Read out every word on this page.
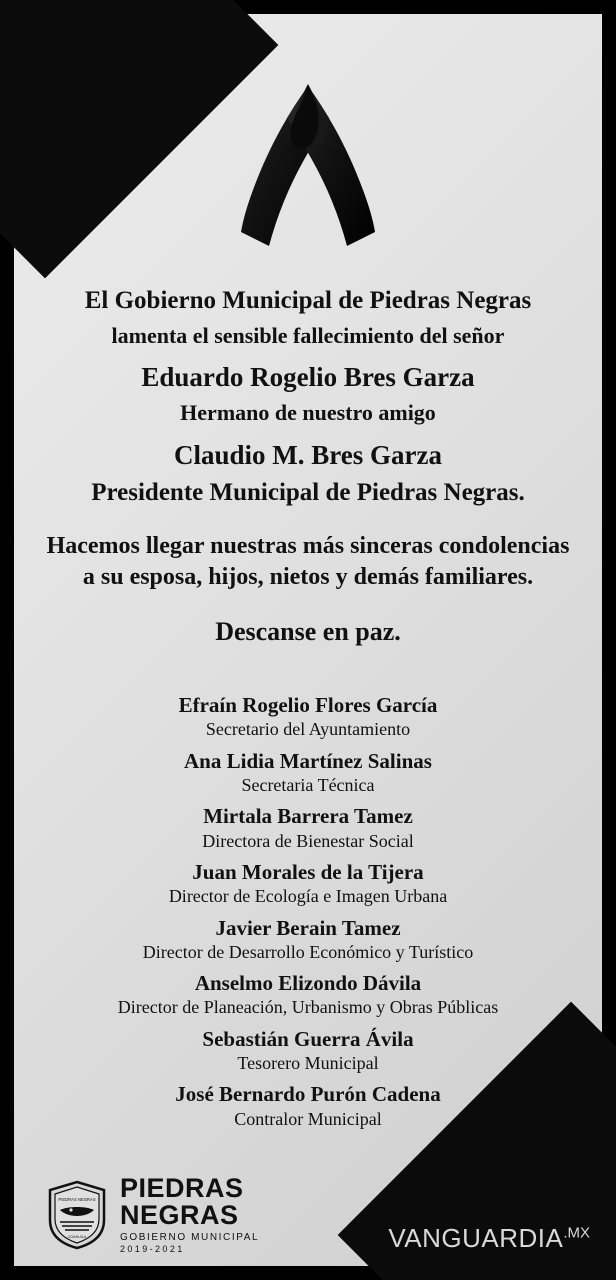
El Gobierno Municipal de Piedras Negras
lamenta el sensible fallecimiento del señor
Eduardo Rogelio Bres Garza
Hermano de nuestro amigo
Claudio M. Bres Garza
Presidente Municipal de Piedras Negras.
Hacemos llegar nuestras más sinceras condolencias a su esposa, hijos, nietos y demás familiares.
Descanse en paz.
Efraín Rogelio Flores García
Secretario del Ayuntamiento
Ana Lidia Martínez Salinas
Secretaria Técnica
Mirtala Barrera Tamez
Directora de Bienestar Social
Juan Morales de la Tijera
Director de Ecología e Imagen Urbana
Javier Berain Tamez
Director de Desarrollo Económico y Turístico
Anselmo Elizondo Dávila
Director de Planeación, Urbanismo y Obras Públicas
Sebastián Guerra Ávila
Tesorero Municipal
José Bernardo Purón Cadena
Contralor Municipal
PIEDRAS NEGRAS
COAHUILA
PIEDRAS
NEGRAS
GOBIERNO MUNICIPAL
2019-2021	$VANGUARDIA^{.MX}$
